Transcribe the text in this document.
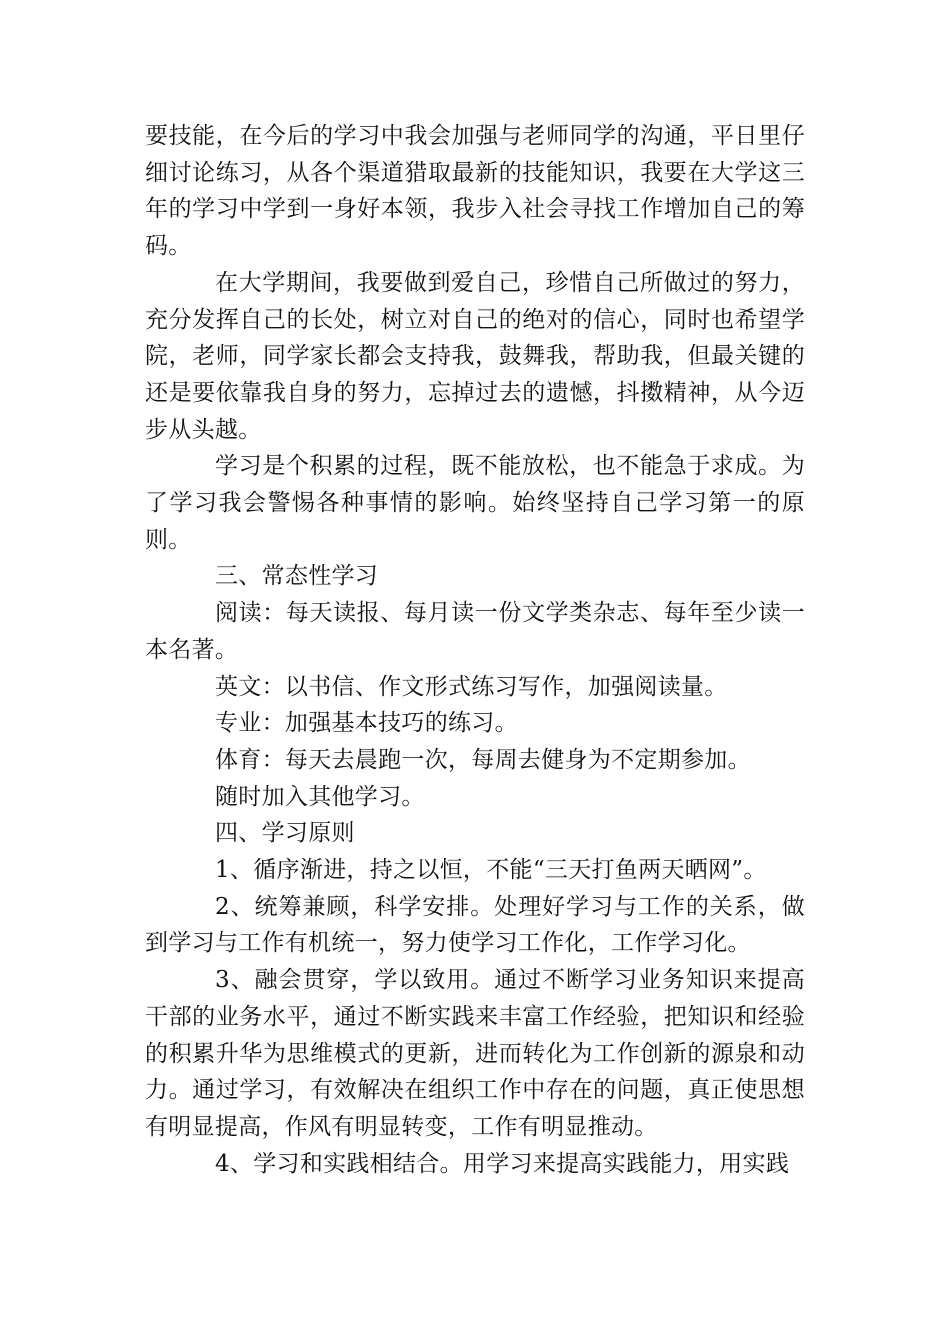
要技能，在今后的学习中我会加强与老师同学的沟通，平日里仔细讨论练习，从各个渠道猎取最新的技能知识，我要在大学这三年的学习中学到一身好本领，我步入社会寻找工作增加自己的筹码。

在大学期间，我要做到爱自己，珍惜自己所做过的努力，充分发挥自己的长处，树立对自己的绝对的信心，同时也希望学院，老师，同学家长都会支持我，鼓舞我，帮助我，但最关键的还是要依靠我自身的努力，忘掉过去的遗憾，抖擞精神，从今迈步从头越。

学习是个积累的过程，既不能放松，也不能急于求成。为了学习我会警惕各种事情的影响。始终坚持自己学习第一的原则。

三、常态性学习

阅读：每天读报、每月读一份文学类杂志、每年至少读一本名著。

英文：以书信、作文形式练习写作，加强阅读量。

专业：加强基本技巧的练习。

体育：每天去晨跑一次，每周去健身为不定期参加。

随时加入其他学习。

四、学习原则

1、循序渐进，持之以恒，不能“三天打鱼两天晒网”。

2、统筹兼顾，科学安排。处理好学习与工作的关系，做到学习与工作有机统一，努力使学习工作化，工作学习化。

3、融会贯穿，学以致用。通过不断学习业务知识来提高干部的业务水平，通过不断实践来丰富工作经验，把知识和经验的积累升华为思维模式的更新，进而转化为工作创新的源泉和动力。通过学习，有效解决在组织工作中存在的问题，真正使思想有明显提高，作风有明显转变，工作有明显推动。

4、学习和实践相结合。用学习来提高实践能力，用实践
